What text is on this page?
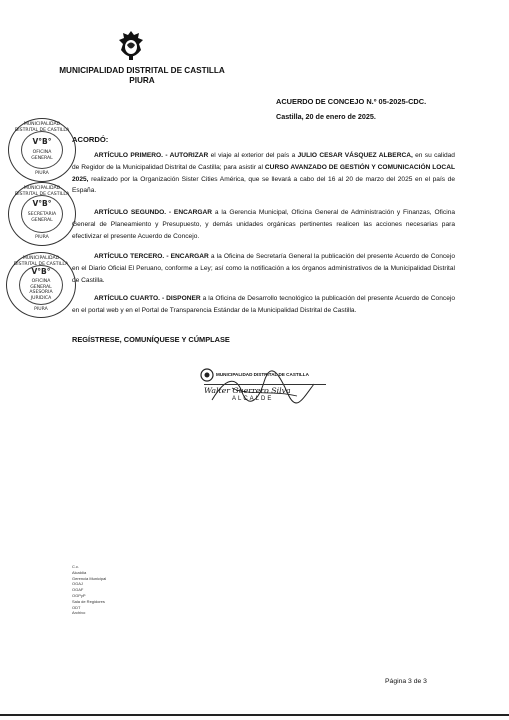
MUNICIPALIDAD DISTRITAL DE CASTILLA
PIURA
ACUERDO DE CONCEJO N.º 05-2025-CDC.
Castilla, 20 de enero de 2025.
ACORDÓ:
ARTÍCULO PRIMERO. - AUTORIZAR el viaje al exterior del país a JULIO CESAR VÁSQUEZ ALBERCA, en su calidad de Regidor de la Municipalidad Distrital de Castilla; para asistir al CURSO AVANZADO DE GESTIÓN Y COMUNICACIÓN LOCAL 2025, realizado por la Organización Sister Cities América, que se llevará a cabo del 16 al 20 de marzo del 2025 en el país de España.
ARTÍCULO SEGUNDO. - ENCARGAR a la Gerencia Municipal, Oficina General de Administración y Finanzas, Oficina General de Planeamiento y Presupuesto, y demás unidades orgánicas pertinentes realicen las acciones necesarias para efectivizar el presente Acuerdo de Concejo.
ARTÍCULO TERCERO. - ENCARGAR a la Oficina de Secretaría General la publicación del presente Acuerdo de Concejo en el Diario Oficial El Peruano, conforme a Ley; así como la notificación a los órganos administrativos de la Municipalidad Distrital de Castilla.
ARTÍCULO CUARTO. - DISPONER a la Oficina de Desarrollo tecnológico la publicación del presente Acuerdo de Concejo en el portal web y en el Portal de Transparencia Estándar de la Municipalidad Distrital de Castilla.
REGÍSTRESE, COMUNÍQUESE Y CÚMPLASE
MUNICIPALIDAD DISTRITAL DE CASTILLA
V°B°
OFICINA GENERAL
PIURA
MUNICIPALIDAD DISTRITAL DE CASTILLA
V°B°
SECRETARIA GENERAL
PIURA
MUNICIPALIDAD DISTRITAL DE CASTILLA
V°B°
OFICINA GENERAL ASESORIA JURIDICA
PIURA
MUNICIPALIDAD DISTRITAL DE CASTILLA
Walter Guerrero Silva
ALCALDE
C.c.
Alcaldía
Gerencia Municipal
OGAJ
OGAF
OGPyP
Sala de Regidores
ODT
Archivo
Página 3 de 3
